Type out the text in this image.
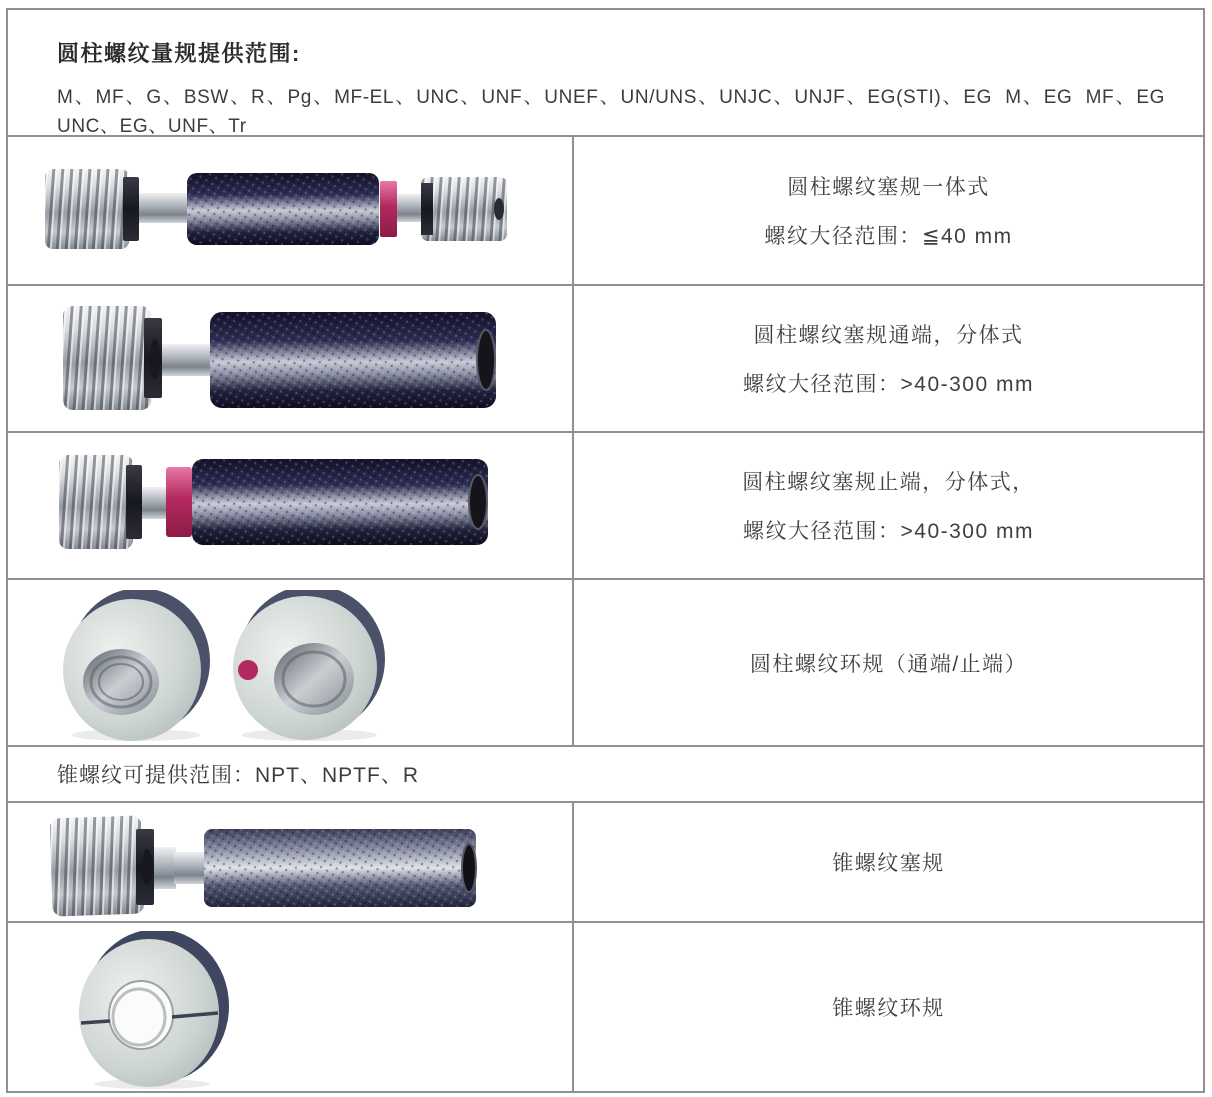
圆柱螺纹量规提供范围:
M、MF、G、BSW、R、Pg、MF-EL、UNC、UNF、UNEF、UN/UNS、UNJC、UNJF、EG(STI)、EG M、EG MF、EG UNC、EG、UNF、Tr
圆柱螺纹塞规一体式
螺纹大径范围：≦40 mm
圆柱螺纹塞规通端，分体式
螺纹大径范围：>40-300 mm
圆柱螺纹塞规止端，分体式，
螺纹大径范围：>40-300 mm
圆柱螺纹环规（通端/止端）
锥螺纹可提供范围：NPT、NPTF、R
锥螺纹塞规
锥螺纹环规
